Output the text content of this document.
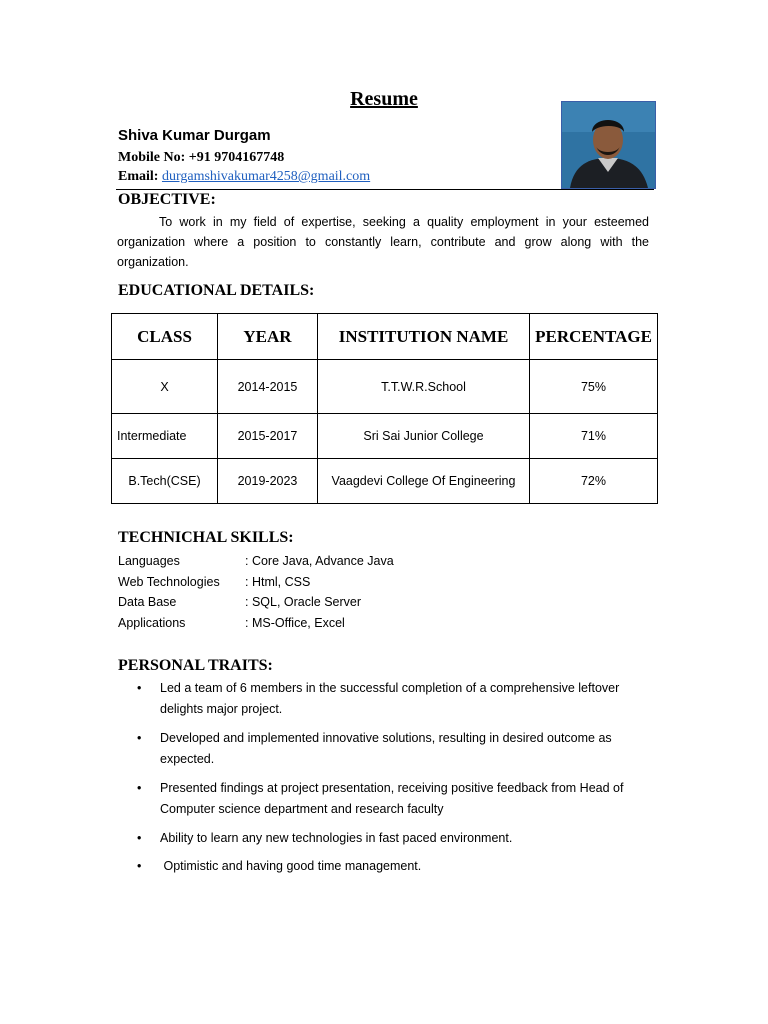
Resume
Shiva Kumar Durgam
Mobile No: +91 9704167748
Email: durgamshivakumar4258@gmail.com
OBJECTIVE:
To work in my field of expertise, seeking a quality employment in your esteemed organization where a position to constantly learn, contribute and grow along with the organization.
EDUCATIONAL DETAILS:
CLASS	YEAR	INSTITUTION NAME	PERCENTAGE
X	2014-2015	T.T.W.R.School	75%
Intermediate	2015-2017	Sri Sai Junior College	71%
B.Tech(CSE)	2019-2023	Vaagdevi College Of Engineering	72%
TECHNICHAL SKILLS:
Languages	: Core Java, Advance Java
Web Technologies	: Html, CSS
Data Base	: SQL, Oracle Server
Applications	: MS-Office, Excel
PERSONAL TRAITS:
• Led a team of 6 members in the successful completion of a comprehensive leftover delights major project.
• Developed and implemented innovative solutions, resulting in desired outcome as expected.
• Presented findings at project presentation, receiving positive feedback from Head of Computer science department and research faculty
• Ability to learn any new technologies in fast paced environment.
• Optimistic and having good time management.
